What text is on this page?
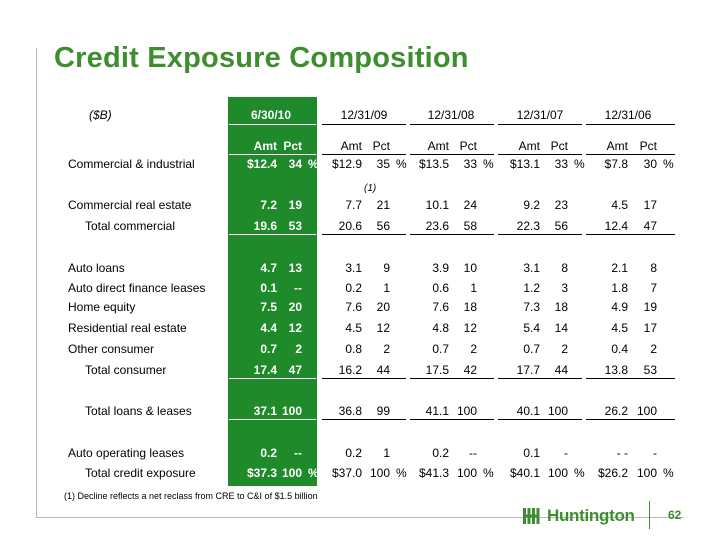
Credit Exposure Composition
($B)	6/30/10	12/31/09	12/31/08	12/31/07	12/31/06
Amt Pct	Amt Pct	Amt Pct	Amt Pct	Amt Pct
Commercial & industrial	$12.4 34 %	$12.9	35 %	$13.5	33 %	$13.1	33 %	$7.8	30 %
Commercial real estate	7.2 19	7.7	21	10.1	24	9.2	23	4.5	17
Total commercial	19.6 53	20.6	56	23.6	58	22.3	56	12.4	47
Auto loans	4.7 13	3.1	9	3.9	10	3.1	8	2.1	8
Auto direct finance leases	0.1	--	0.2	1	0.6	1	1.2	3	1.8	7
Home equity	7.5 20	7.6	20	7.6	18	7.3	18	4.9	19
Residential real estate	4.4 12	4.5	12	4.8	12	5.4	14	4.5	17
Other consumer	0.7	2	0.8	2	0.7	2	0.7	2	0.4	2
Total consumer	17.4 47	16.2	44	17.5	42	17.7	44	13.8	53
Total loans & leases	37.1 100	36.8	99	41.1 100	40.1 100	26.2 100
Auto operating leases	0.2	--	0.2	1	0.2	--	0.1	-	- -	-
Total credit exposure	$37.3 100 %	$37.0 100 %	$41.3 100 %	$40.1 100 %	$26.2 100 %
(1)
(1) Decline reflects a net reclass from CRE to C&I of $1.5 billion
Huntington	62
